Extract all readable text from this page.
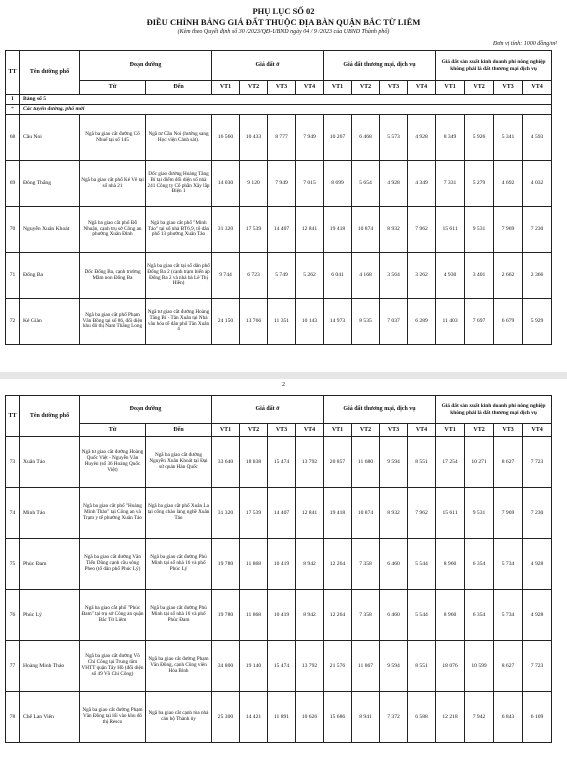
PHỤ LỤC SỐ 02
ĐIỀU CHỈNH BẢNG GIÁ ĐẤT THUỘC ĐỊA BÀN QUẬN BẮC TỪ LIÊM
(Kèm theo Quyết định số 30 /2023/QĐ-UBND ngày 04 / 9 /2023 của UBND Thành phố)
Đơn vị tính: 1000 đồng/m²
TT	Tên đường phố	Đoạn đường		Giá đất ở				Giá đất thương mại, dịch vụ				Giá đất sản xuất kinh doanh phi nông nghiệp không phải là đất thương mại dịch vụ			
		Từ	Đến	VT1	VT2	VT3	VT4	VT1	VT2	VT3	VT4	VT1	VT2	VT3	VT4
I	Bảng số 5														
*	Các tuyến đường, phố mới														
68	Cầu Noi	Ngã ba giao cắt đường Cổ Nhuế tại số 145	Ngã tư Cầu Noi (hướng sang Học viện Cảnh sát).	16 560	10 433	8 777	7 949	10 267	6 468	5 573	4 928	8 349	5 926	5 341	4 593
69	Đông Thắng	Ngã ba giao cắt phố Kẻ Vẽ tại số nhà 21	Dốc giao đường Hoàng Tăng Bí tại điểm đối diện số nhà 241 Công ty Cổ phần Xây lắp Điện 1	14 030	9 120	7 949	7 015	8 699	5 654	4 928	4 349	7 331	5 279	4 692	4 032
70	Nguyễn Xuân Khoát	Ngã ba giao cắt phố Đỗ Nhuận, cạnh trụ sở Công an phường Xuân Đỉnh	Ngã ba giao cắt phố "Minh Tảo" tại số nhà BT6,9, tổ dân phố 13 phường Xuân Tảo	31 320	17 539	14 407	12 841	19 418	10 874	8 932	7 962	15 611	9 531	7 969	7 230
71	Đống Ba	Dốc Đống Ba, cạnh trường Mầm non Đống Ba	Ngã ba giao cắt tại số dân phố Đống Ba 2 (cạnh trạm biến áp Đống Ba 2 và nhà bà Lê Thị Hiền)	9 744	6 723	5 749	5 262	6 041	4 168	3 564	3 262	4 930	3 401	2 662	2 366
72	Kẻ Giàn	Ngã ba giao cắt phố Phạm Văn Đồng tại số 86, đối diện khu đô thị Nam Thăng Long	Ngã tư giao cắt đường Hoàng Tăng Bí - Tân Xuân tại Nhà văn hóa tổ dân phố Tân Xuân 4	24 150	13 766	11 351	10 143	14 973	8 535	7 037	6 289	11 403	7 697	6 679	5 929
2
TT	Tên đường phố	Đoạn đường		Giá đất ở				Giá đất thương mại, dịch vụ				Giá đất sản xuất kinh doanh phi nông nghiệp không phải là đất thương mại dịch vụ			
		Từ	Đến	VT1	VT2	VT3	VT4	VT1	VT2	VT3	VT4	VT1	VT2	VT3	VT4
73	Xuân Tảo	Ngã tư giao cắt đường Hoàng Quốc Việt - Nguyễn Văn Huyên (số 36 Hoàng Quốc Việt)	Ngã ba giao cắt đường Nguyễn Xuân Khoát tại Đại sứ quán Hàn Quốc	33 640	18 838	15 474	13 792	20 857	11 680	9 594	8 551	17 254	10 271	8 627	7 723
74	Minh Tảo	Ngã ba giao cắt phố "Hoàng Minh Thảo" tại Công an và Trạm y tế phường Xuân Tảo	Ngã ba giao cắt phố Xuân La tại cổng chào làng nghề Xuân Tảo	31 320	17 539	14 407	12 841	19 418	10 874	8 932	7 962	15 611	9 531	7 969	7 230
75	Phúc Đam	Ngã ba giao cắt đường Văn Tiến Dũng cạnh cầu sông Pheo (tổ dân phố Phúc Lý)	Ngã ba giao cắt đường Phú Minh tại số nhà 16 và phố Phúc Lý	19 780	11 868	10 419	8 942	12 264	7 358	6 460	5 544	8 960	6 354	5 734	4 928
76	Phúc Lý	Ngã ba giao cắt phố "Phúc Đam" tại trụ sở Công an quận Bắc Từ Liêm	Ngã ba giao cắt đường Phú Minh tại số nhà 16 và phố Phúc Đam	19 780	11 868	10 419	8 942	12 264	7 358	6 460	5 544	8 960	6 354	5 734	4 928
77	Hoàng Minh Thảo	Ngã ba giao cắt đường Võ Chí Công tại Trung tâm VHTT quận Tây Hồ (đối diện số 49 Võ Chí Công)	Ngã ba giao cắt đường Phạm Văn Đồng, cạnh Công viên Hòa Bình	34 800	19 140	15 474	13 792	21 576	11 867	9 594	8 551	18 076	10 599	8 627	7 723
78	Chế Lan Viên	Ngã ba giao cắt đường Phạm Văn Đồng tại lối vào khu đô thị Resco	Ngã ba giao cắt cạnh tòa nhà cán bộ Thành ủy	25 300	14 421	11 891	10 626	15 686	8 941	7 372	6 588	12 218	7 942	6 843	6 109
